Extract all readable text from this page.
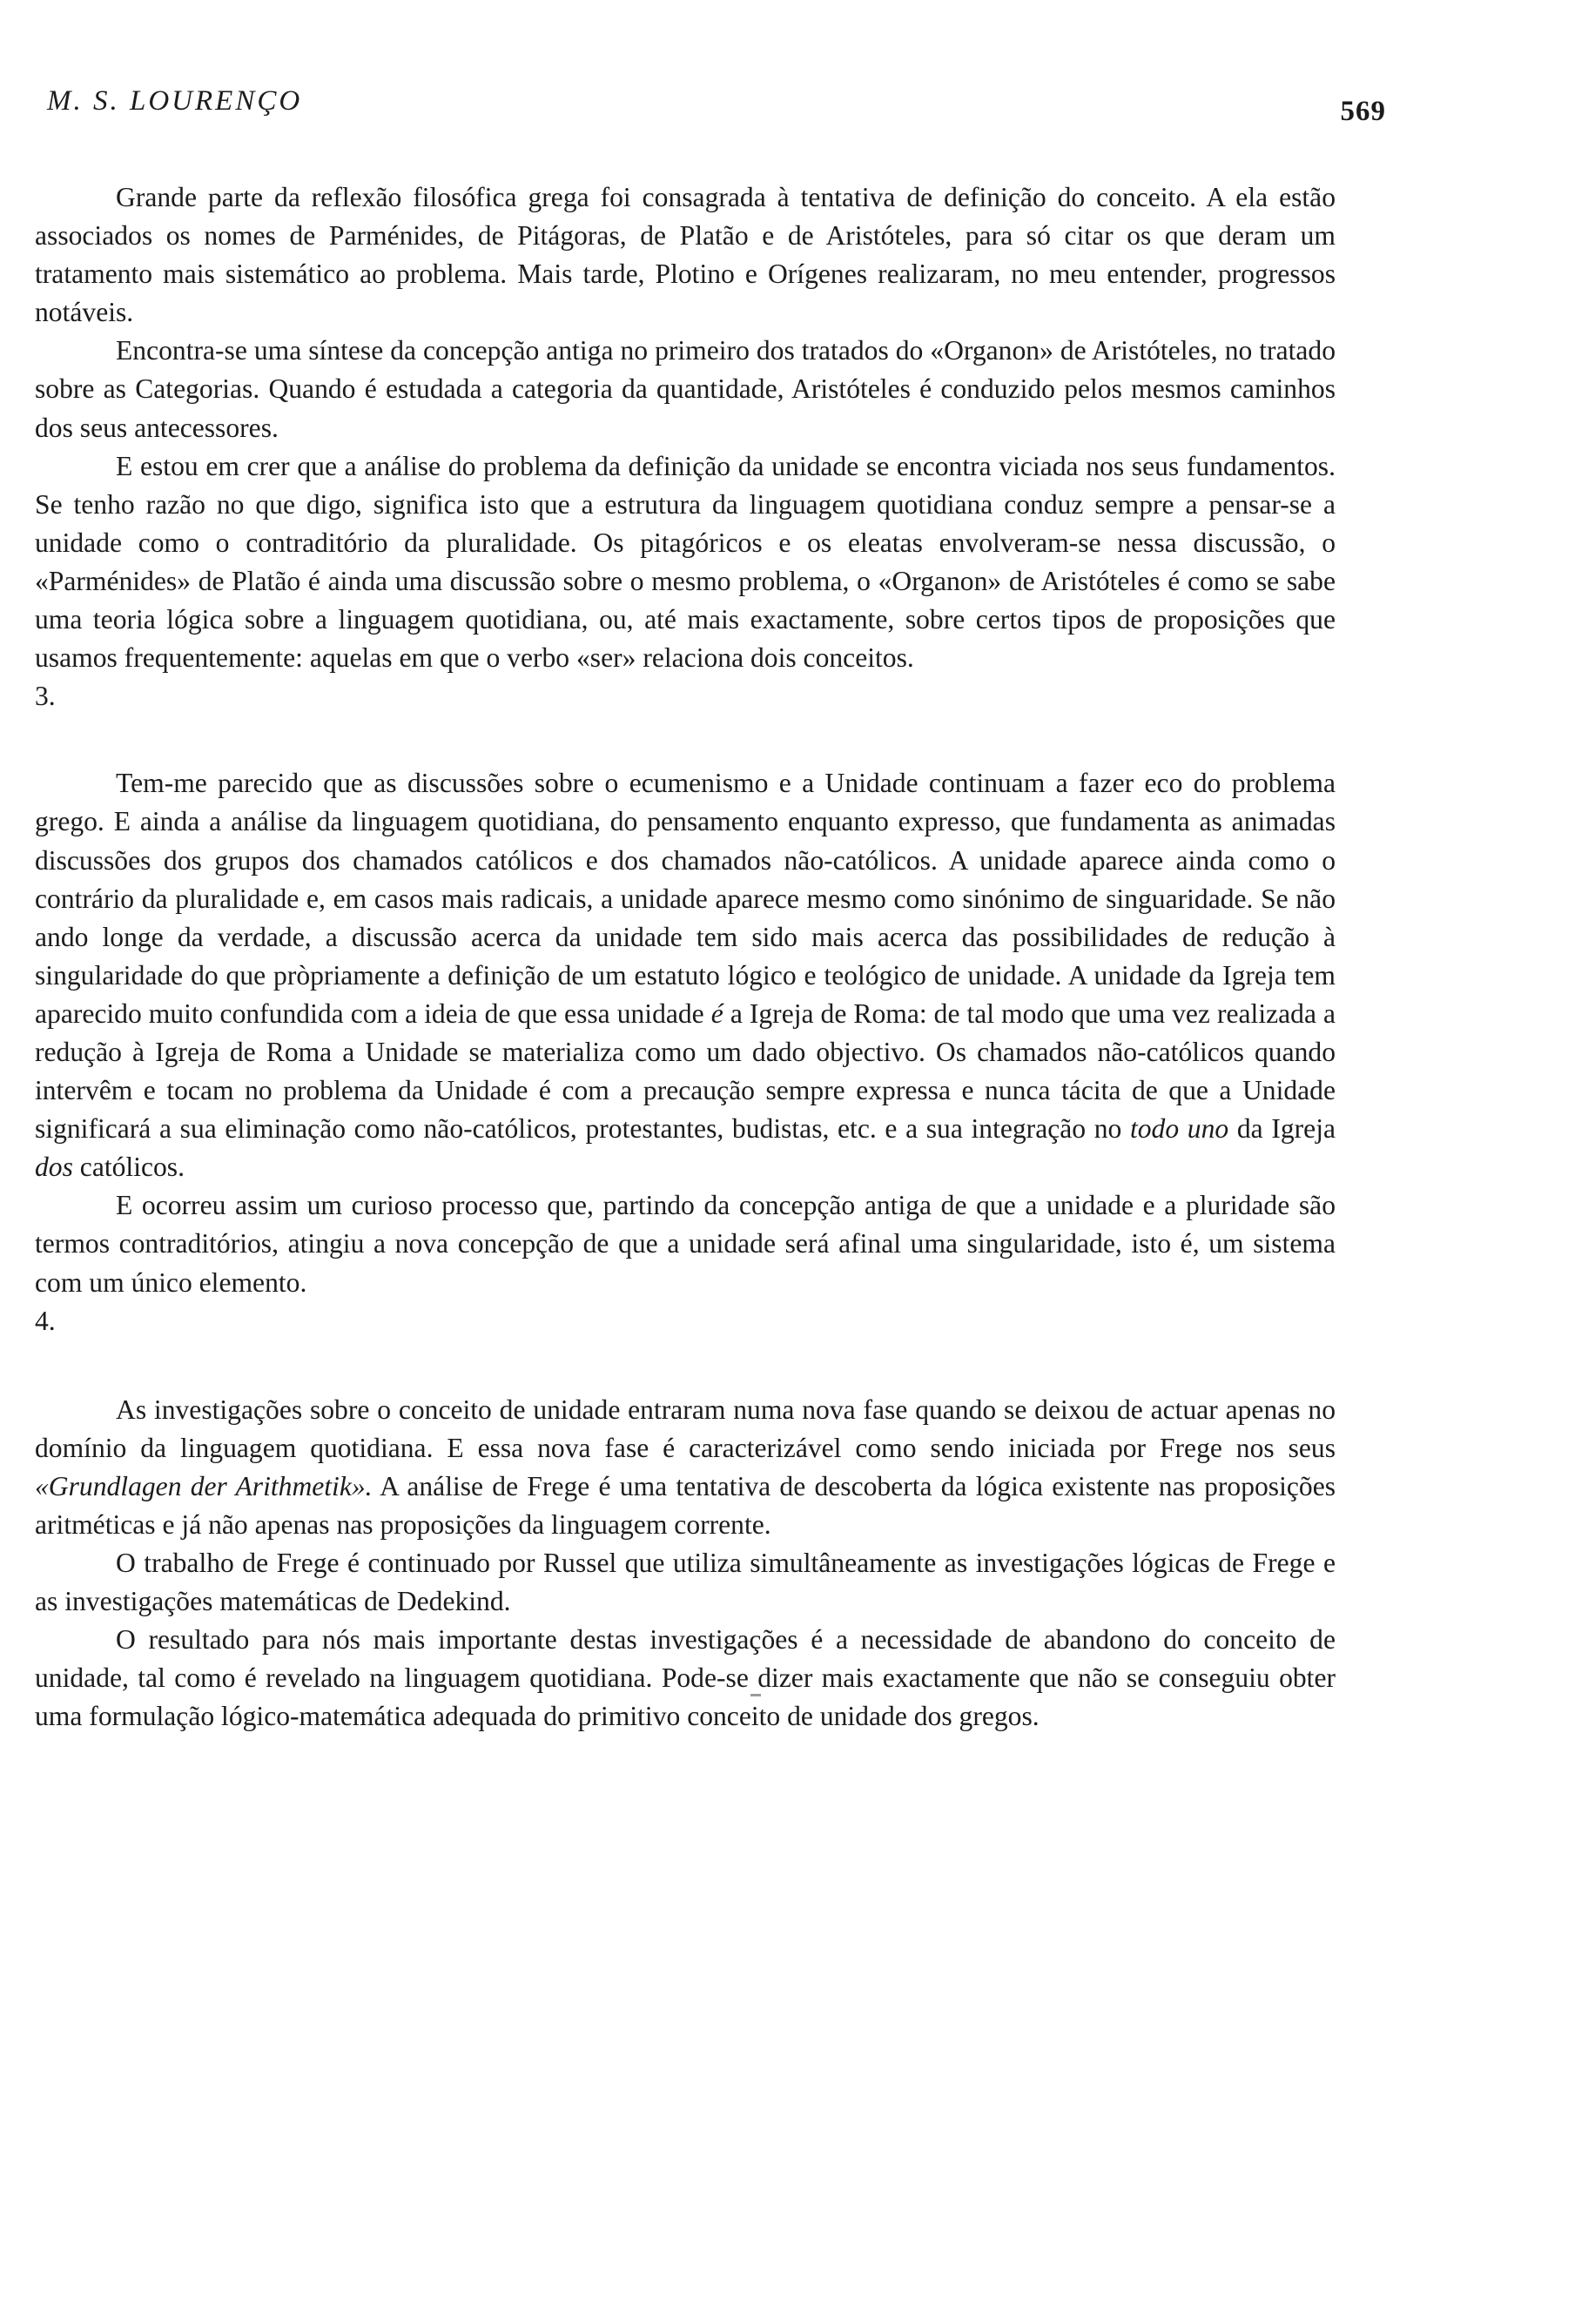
M. S. LOURENÇO	569

Grande parte da reflexão filosófica grega foi consagrada à tentativa de definição do conceito. A ela estão associados os nomes de Parménides, de Pitágoras, de Platão e de Aristóteles, para só citar os que deram um tratamento mais sistemático ao problema. Mais tarde, Plotino e Orígenes realizaram, no meu entender, progressos notáveis.

Encontra-se uma síntese da concepção antiga no primeiro dos tratados do «Organon» de Aristóteles, no tratado sobre as Categorias. Quando é estudada a categoria da quantidade, Aristóteles é conduzido pelos mesmos caminhos dos seus antecessores.

E estou em crer que a análise do problema da definição da unidade se encontra viciada nos seus fundamentos. Se tenho razão no que digo, significa isto que a estrutura da linguagem quotidiana conduz sempre a pensar-se a unidade como o contraditório da pluralidade. Os pitagóricos e os eleatas envolveram-se nessa discussão, o «Parménides» de Platão é ainda uma discussão sobre o mesmo problema, o «Organon» de Aristóteles é como se sabe uma teoria lógica sobre a linguagem quotidiana, ou, até mais exactamente, sobre certos tipos de proposições que usamos frequentemente: aquelas em que o verbo «ser» relaciona dois conceitos.

3.

Tem-me parecido que as discussões sobre o ecumenismo e a Unidade continuam a fazer eco do problema grego. E ainda a análise da linguagem quotidiana, do pensamento enquanto expresso, que fundamenta as animadas discussões dos grupos dos chamados católicos e dos chamados não-católicos. A unidade aparece ainda como o contrário da pluralidade e, em casos mais radicais, a unidade aparece mesmo como sinónimo de singuaridade. Se não ando longe da verdade, a discussão acerca da unidade tem sido mais acerca das possibilidades de redução à singularidade do que pròpriamente a definição de um estatuto lógico e teológico de unidade. A unidade da Igreja tem aparecido muito confundida com a ideia de que essa unidade é a Igreja de Roma: de tal modo que uma vez realizada a redução à Igreja de Roma a Unidade se materializa como um dado objectivo. Os chamados não-católicos quando intervêm e tocam no problema da Unidade é com a precaução sempre expressa e nunca tácita de que a Unidade significará a sua eliminação como não-católicos, protestantes, budistas, etc. e a sua integração no todo uno da Igreja dos católicos.

E ocorreu assim um curioso processo que, partindo da concepção antiga de que a unidade e a pluridade são termos contraditórios, atingiu a nova concepção de que a unidade será afinal uma singularidade, isto é, um sistema com um único elemento.

4.

As investigações sobre o conceito de unidade entraram numa nova fase quando se deixou de actuar apenas no domínio da linguagem quotidiana. E essa nova fase é caracterizável como sendo iniciada por Frege nos seus «Grundlagen der Arithmetik». A análise de Frege é uma tentativa de descoberta da lógica existente nas proposições aritméticas e já não apenas nas proposições da linguagem corrente.

O trabalho de Frege é continuado por Russel que utiliza simultâneamente as investigações lógicas de Frege e as investigações matemáticas de Dedekind.

O resultado para nós mais importante destas investigações é a necessidade de abandono do conceito de unidade, tal como é revelado na linguagem quotidiana. Pode-se dizer mais exactamente que não se conseguiu obter uma formulação lógico-matemática adequada do primitivo conceito de unidade dos gregos.
